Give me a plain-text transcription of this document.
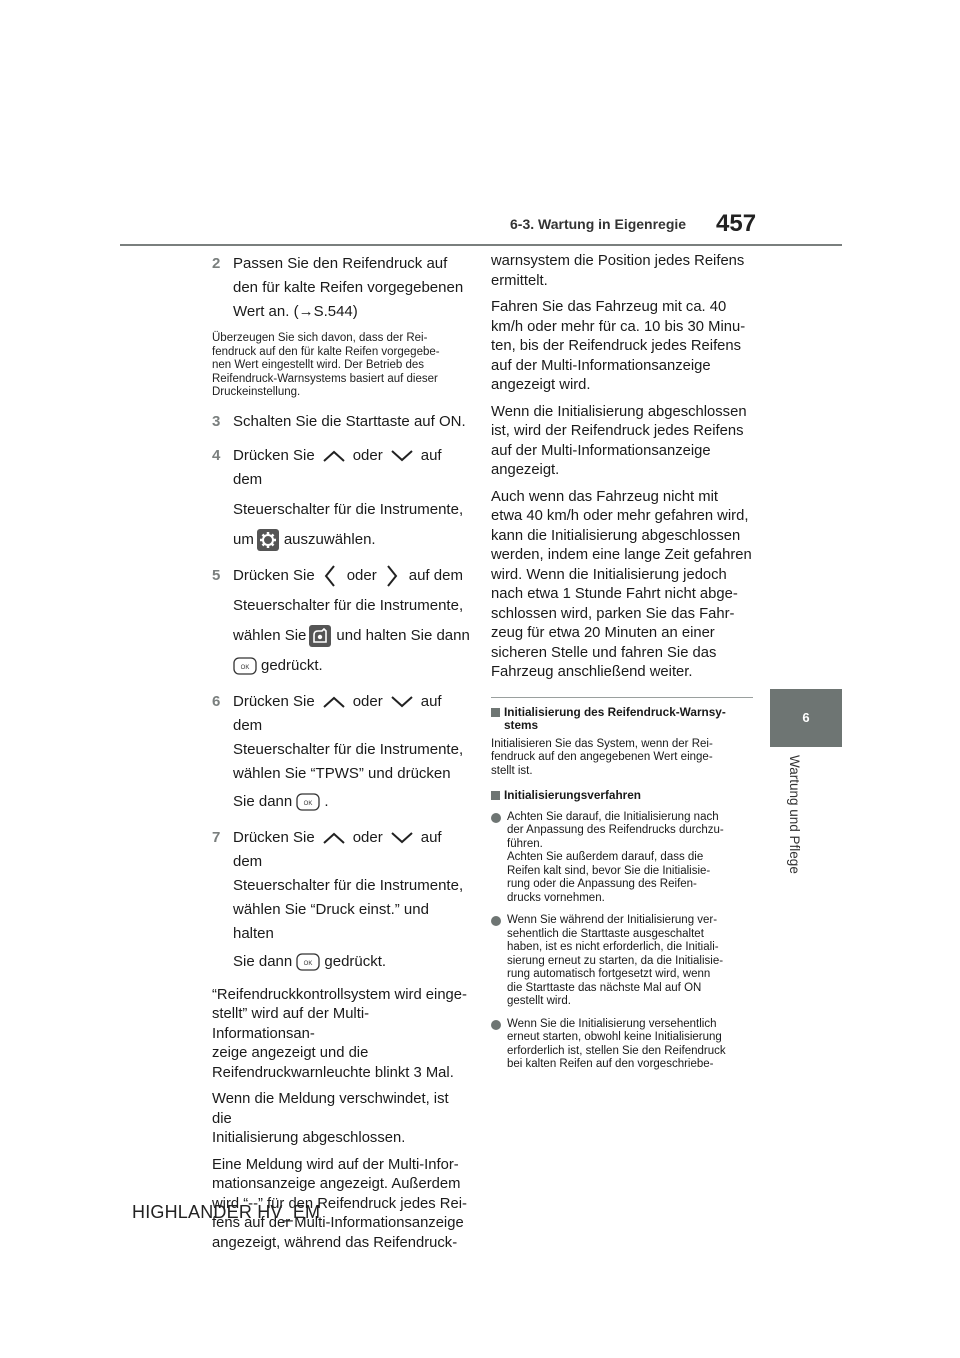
6-3. Wartung in Eigenregie 457
6
Wartung und Pflege
2 Passen Sie den Reifendruck auf
den für kalte Reifen vorgegebenen
Wert an. (→S.544)
Überzeugen Sie sich davon, dass der Rei-
fendruck auf den für kalte Reifen vorgegebe-
nen Wert eingestellt wird. Der Betrieb des
Reifendruck-Warnsystems basiert auf dieser
Druckeinstellung.
3 Schalten Sie die Starttaste auf ON.
4 Drücken Sie	oder	auf dem
Steuerschalter für die Instrumente,
um auszuwählen.
5 Drücken Sie oder auf dem
Steuerschalter für die Instrumente,
wählen Sie und halten Sie dann
OK gedrückt.
6 Drücken Sie	oder	auf dem
Steuerschalter für die Instrumente,
wählen Sie “TPWS” und drücken
Sie dann OK .
7 Drücken Sie	oder	auf dem
Steuerschalter für die Instrumente,
wählen Sie “Druck einst.” und halten
Sie dann OK gedrückt.
“Reifendruckkontrollsystem wird einge-
stellt” wird auf der Multi-Informationsan-
zeige angezeigt und die
Reifendruckwarnleuchte blinkt 3 Mal.
Wenn die Meldung verschwindet, ist die
Initialisierung abgeschlossen.
Eine Meldung wird auf der Multi-Infor-
mationsanzeige angezeigt. Außerdem
wird “--” für den Reifendruck jedes Rei-
fens auf der Multi-Informationsanzeige
angezeigt, während das Reifendruck-
warnsystem die Position jedes Reifens
ermittelt.
Fahren Sie das Fahrzeug mit ca. 40
km/h oder mehr für ca. 10 bis 30 Minu-
ten, bis der Reifendruck jedes Reifens
auf der Multi-Informationsanzeige
angezeigt wird.
Wenn die Initialisierung abgeschlossen
ist, wird der Reifendruck jedes Reifens
auf der Multi-Informationsanzeige
angezeigt.
Auch wenn das Fahrzeug nicht mit
etwa 40 km/h oder mehr gefahren wird,
kann die Initialisierung abgeschlossen
werden, indem eine lange Zeit gefahren
wird. Wenn die Initialisierung jedoch
nach etwa 1 Stunde Fahrt nicht abge-
schlossen wird, parken Sie das Fahr-
zeug für etwa 20 Minuten an einer
sicheren Stelle und fahren Sie das
Fahrzeug anschließend weiter.
Initialisierung des Reifendruck-Warnsy-
stems
Initialisieren Sie das System, wenn der Rei-
fendruck auf den angegebenen Wert einge-
stellt ist.
Initialisierungsverfahren
Achten Sie darauf, die Initialisierung nach
der Anpassung des Reifendrucks durchzu-
führen.
Achten Sie außerdem darauf, dass die
Reifen kalt sind, bevor Sie die Initialisie-
rung oder die Anpassung des Reifen-
drucks vornehmen.
Wenn Sie während der Initialisierung ver-
sehentlich die Starttaste ausgeschaltet
haben, ist es nicht erforderlich, die Initiali-
sierung erneut zu starten, da die Initialisie-
rung automatisch fortgesetzt wird, wenn
die Starttaste das nächste Mal auf ON
gestellt wird.
Wenn Sie die Initialisierung versehentlich
erneut starten, obwohl keine Initialisierung
erforderlich ist, stellen Sie den Reifendruck
bei kalten Reifen auf den vorgeschriebe-
HIGHLANDER HV_EM
